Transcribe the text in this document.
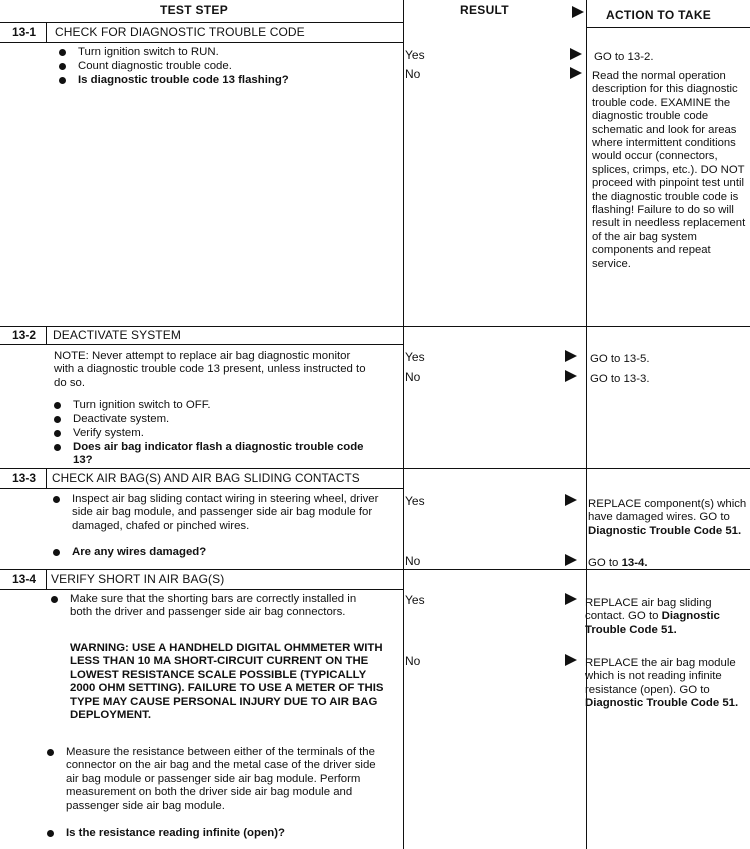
TEST STEP	RESULT	ACTION TO TAKE
13-1 CHECK FOR DIAGNOSTIC TROUBLE CODE
Turn ignition switch to RUN.
Count diagnostic trouble code.
Is diagnostic trouble code 13 flashing?
Yes	GO to 13-2.
No	Read the normal operation description for this diagnostic trouble code. EXAMINE the diagnostic trouble code schematic and look for areas where intermittent conditions would occur (connectors, splices, crimps, etc.). DO NOT proceed with pinpoint test until the diagnostic trouble code is flashing! Failure to do so will result in needless replacement of the air bag system components and repeat service.
13-2 DEACTIVATE SYSTEM
NOTE: Never attempt to replace air bag diagnostic monitor with a diagnostic trouble code 13 present, unless instructed to do so.
Turn ignition switch to OFF.
Deactivate system.
Verify system.
Does air bag indicator flash a diagnostic trouble code 13?
Yes	GO to 13-5.
No	GO to 13-3.
13-3 CHECK AIR BAG(S) AND AIR BAG SLIDING CONTACTS
Inspect air bag sliding contact wiring in steering wheel, driver side air bag module, and passenger side air bag module for damaged, chafed or pinched wires.
Are any wires damaged?
Yes	REPLACE component(s) which have damaged wires. GO to Diagnostic Trouble Code 51.
No	GO to 13-4.
13-4 VERIFY SHORT IN AIR BAG(S)
Make sure that the shorting bars are correctly installed in both the driver and passenger side air bag connectors.
WARNING: USE A HANDHELD DIGITAL OHMMETER WITH LESS THAN 10 MA SHORT-CIRCUIT CURRENT ON THE LOWEST RESISTANCE SCALE POSSIBLE (TYPICALLY 2000 OHM SETTING). FAILURE TO USE A METER OF THIS TYPE MAY CAUSE PERSONAL INJURY DUE TO AIR BAG DEPLOYMENT.
Measure the resistance between either of the terminals of the connector on the air bag and the metal case of the driver side air bag module or passenger side air bag module. Perform measurement on both the driver side air bag module and passenger side air bag module.
Is the resistance reading infinite (open)?
Yes	REPLACE air bag sliding contact. GO to Diagnostic Trouble Code 51.
No	REPLACE the air bag module which is not reading infinite resistance (open). GO to Diagnostic Trouble Code 51.
